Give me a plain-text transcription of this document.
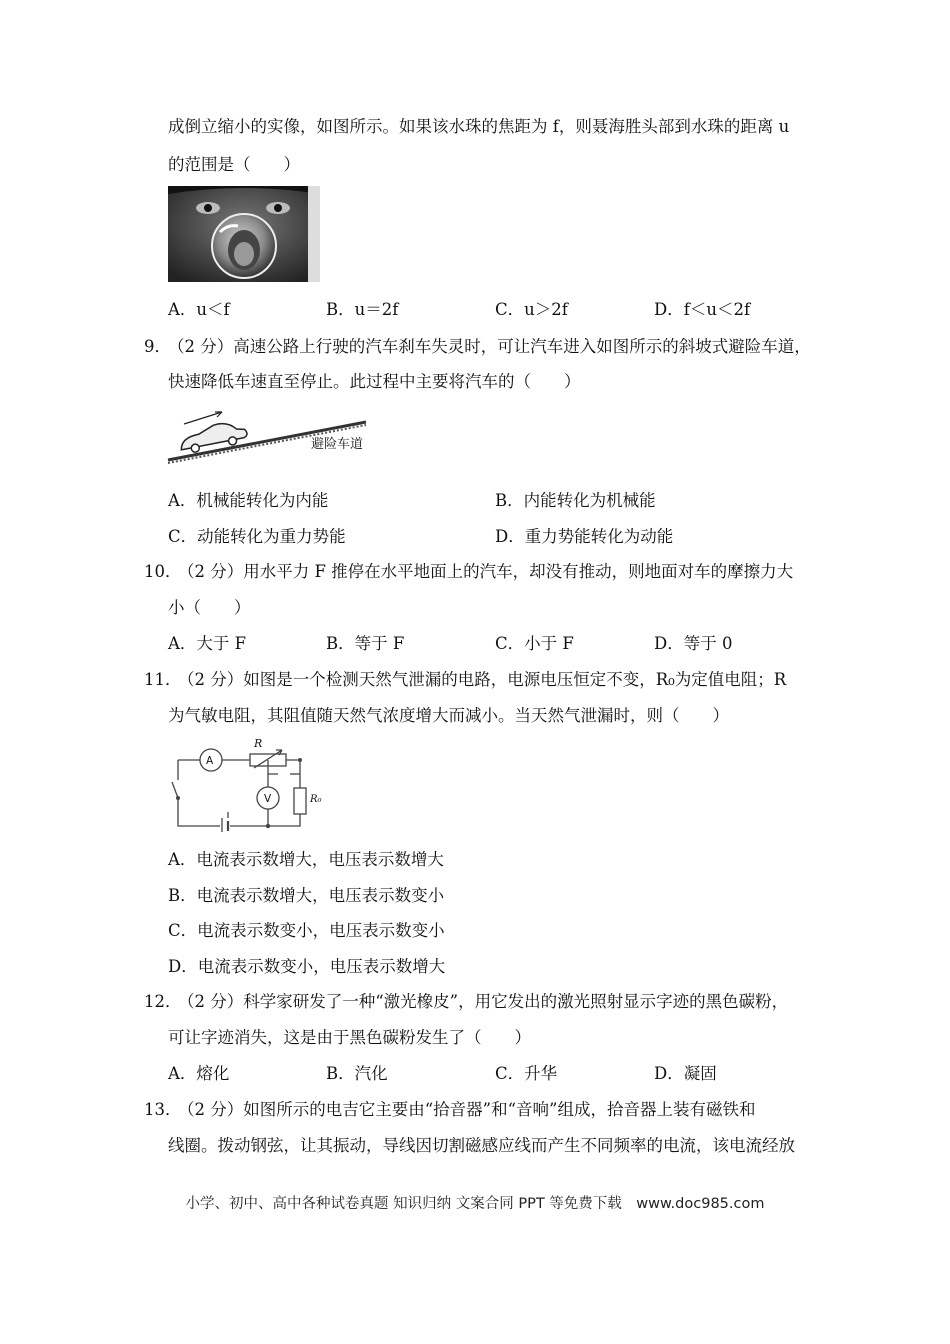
成倒立缩小的实像，如图所示。如果该水珠的焦距为 f，则聂海胜头部到水珠的距离 u
的范围是（　　）
A．u＜f	B．u＝2f	C．u＞2f	D．f＜u＜2f
9．
（2 分）高速公路上行驶的汽车刹车失灵时，可让汽车进入如图所示的斜坡式避险车道，
快速降低车速直至停止。此过程中主要将汽车的（　　）
避险车道
A．机械能转化为内能	B．内能转化为机械能
C．动能转化为重力势能	D．重力势能转化为动能
10．
（2 分）用水平力 F 推停在水平地面上的汽车，却没有推动，则地面对车的摩擦力大
小（　　）
A．大于 F	B．等于 F	C．小于 F	D．等于 0
11．
（2 分）如图是一个检测天然气泄漏的电路，电源电压恒定不变，R₀为定值电阻；R
为气敏电阻，其阻值随天然气浓度增大而减小。当天然气泄漏时，则（　　）
A
V
R
R₀
A．电流表示数增大，电压表示数增大
B．电流表示数增大，电压表示数变小
C．电流表示数变小，电压表示数变小
D．电流表示数变小，电压表示数增大
12．
（2 分）科学家研发了一种“激光橡皮”，用它发出的激光照射显示字迹的黑色碳粉，
可让字迹消失，这是由于黑色碳粉发生了（　　）
A．熔化	B．汽化	C．升华	D．凝固
13．
（2 分）如图所示的电吉它主要由“拾音器”和“音响”组成，拾音器上装有磁铁和
线圈。拨动钢弦，让其振动，导线因切割磁感应线而产生不同频率的电流，该电流经放
小学、初中、高中各种试卷真题 知识归纳 文案合同 PPT 等免费下载　www.doc985.com
